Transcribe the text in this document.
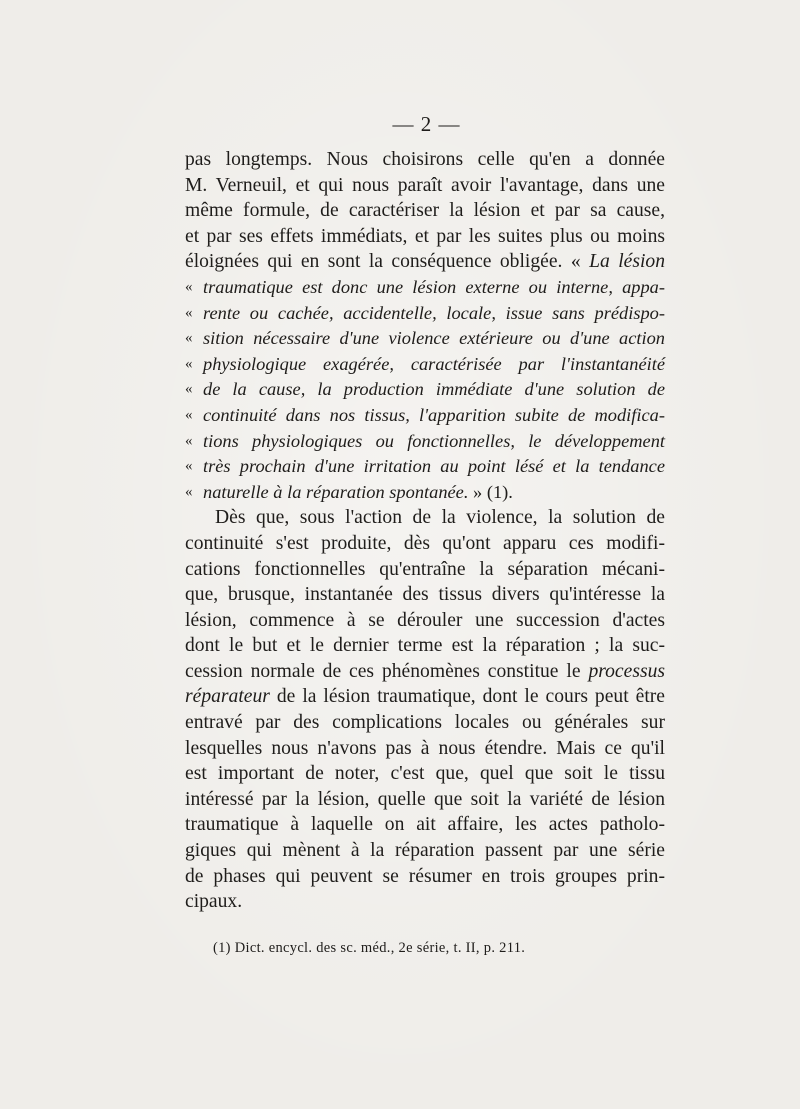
— 2 —
pas longtemps. Nous choisirons celle qu'en a donnée
M. Verneuil, et qui nous paraît avoir l'avantage, dans une
même formule, de caractériser la lésion et par sa cause,
et par ses effets immédiats, et par les suites plus ou moins
éloignées qui en sont la conséquence obligée. « La lésion
« traumatique est donc une lésion externe ou interne, appa-
« rente ou cachée, accidentelle, locale, issue sans prédispo-
« sition nécessaire d'une violence extérieure ou d'une action
« physiologique exagérée, caractérisée par l'instantanéité
« de la cause, la production immédiate d'une solution de
« continuité dans nos tissus, l'apparition subite de modifica-
« tions physiologiques ou fonctionnelles, le développement
« très prochain d'une irritation au point lésé et la tendance
« naturelle à la réparation spontanée. » (1).
Dès que, sous l'action de la violence, la solution de
continuité s'est produite, dès qu'ont apparu ces modifi-
cations fonctionnelles qu'entraîne la séparation mécani-
que, brusque, instantanée des tissus divers qu'intéresse la
lésion, commence à se dérouler une succession d'actes
dont le but et le dernier terme est la réparation ; la suc-
cession normale de ces phénomènes constitue le processus
réparateur de la lésion traumatique, dont le cours peut être
entravé par des complications locales ou générales sur
lesquelles nous n'avons pas à nous étendre. Mais ce qu'il
est important de noter, c'est que, quel que soit le tissu
intéressé par la lésion, quelle que soit la variété de lésion
traumatique à laquelle on ait affaire, les actes patholo-
giques qui mènent à la réparation passent par une série
de phases qui peuvent se résumer en trois groupes prin-
cipaux.
(1) Dict. encycl. des sc. méd., 2e série, t. II, p. 211.
